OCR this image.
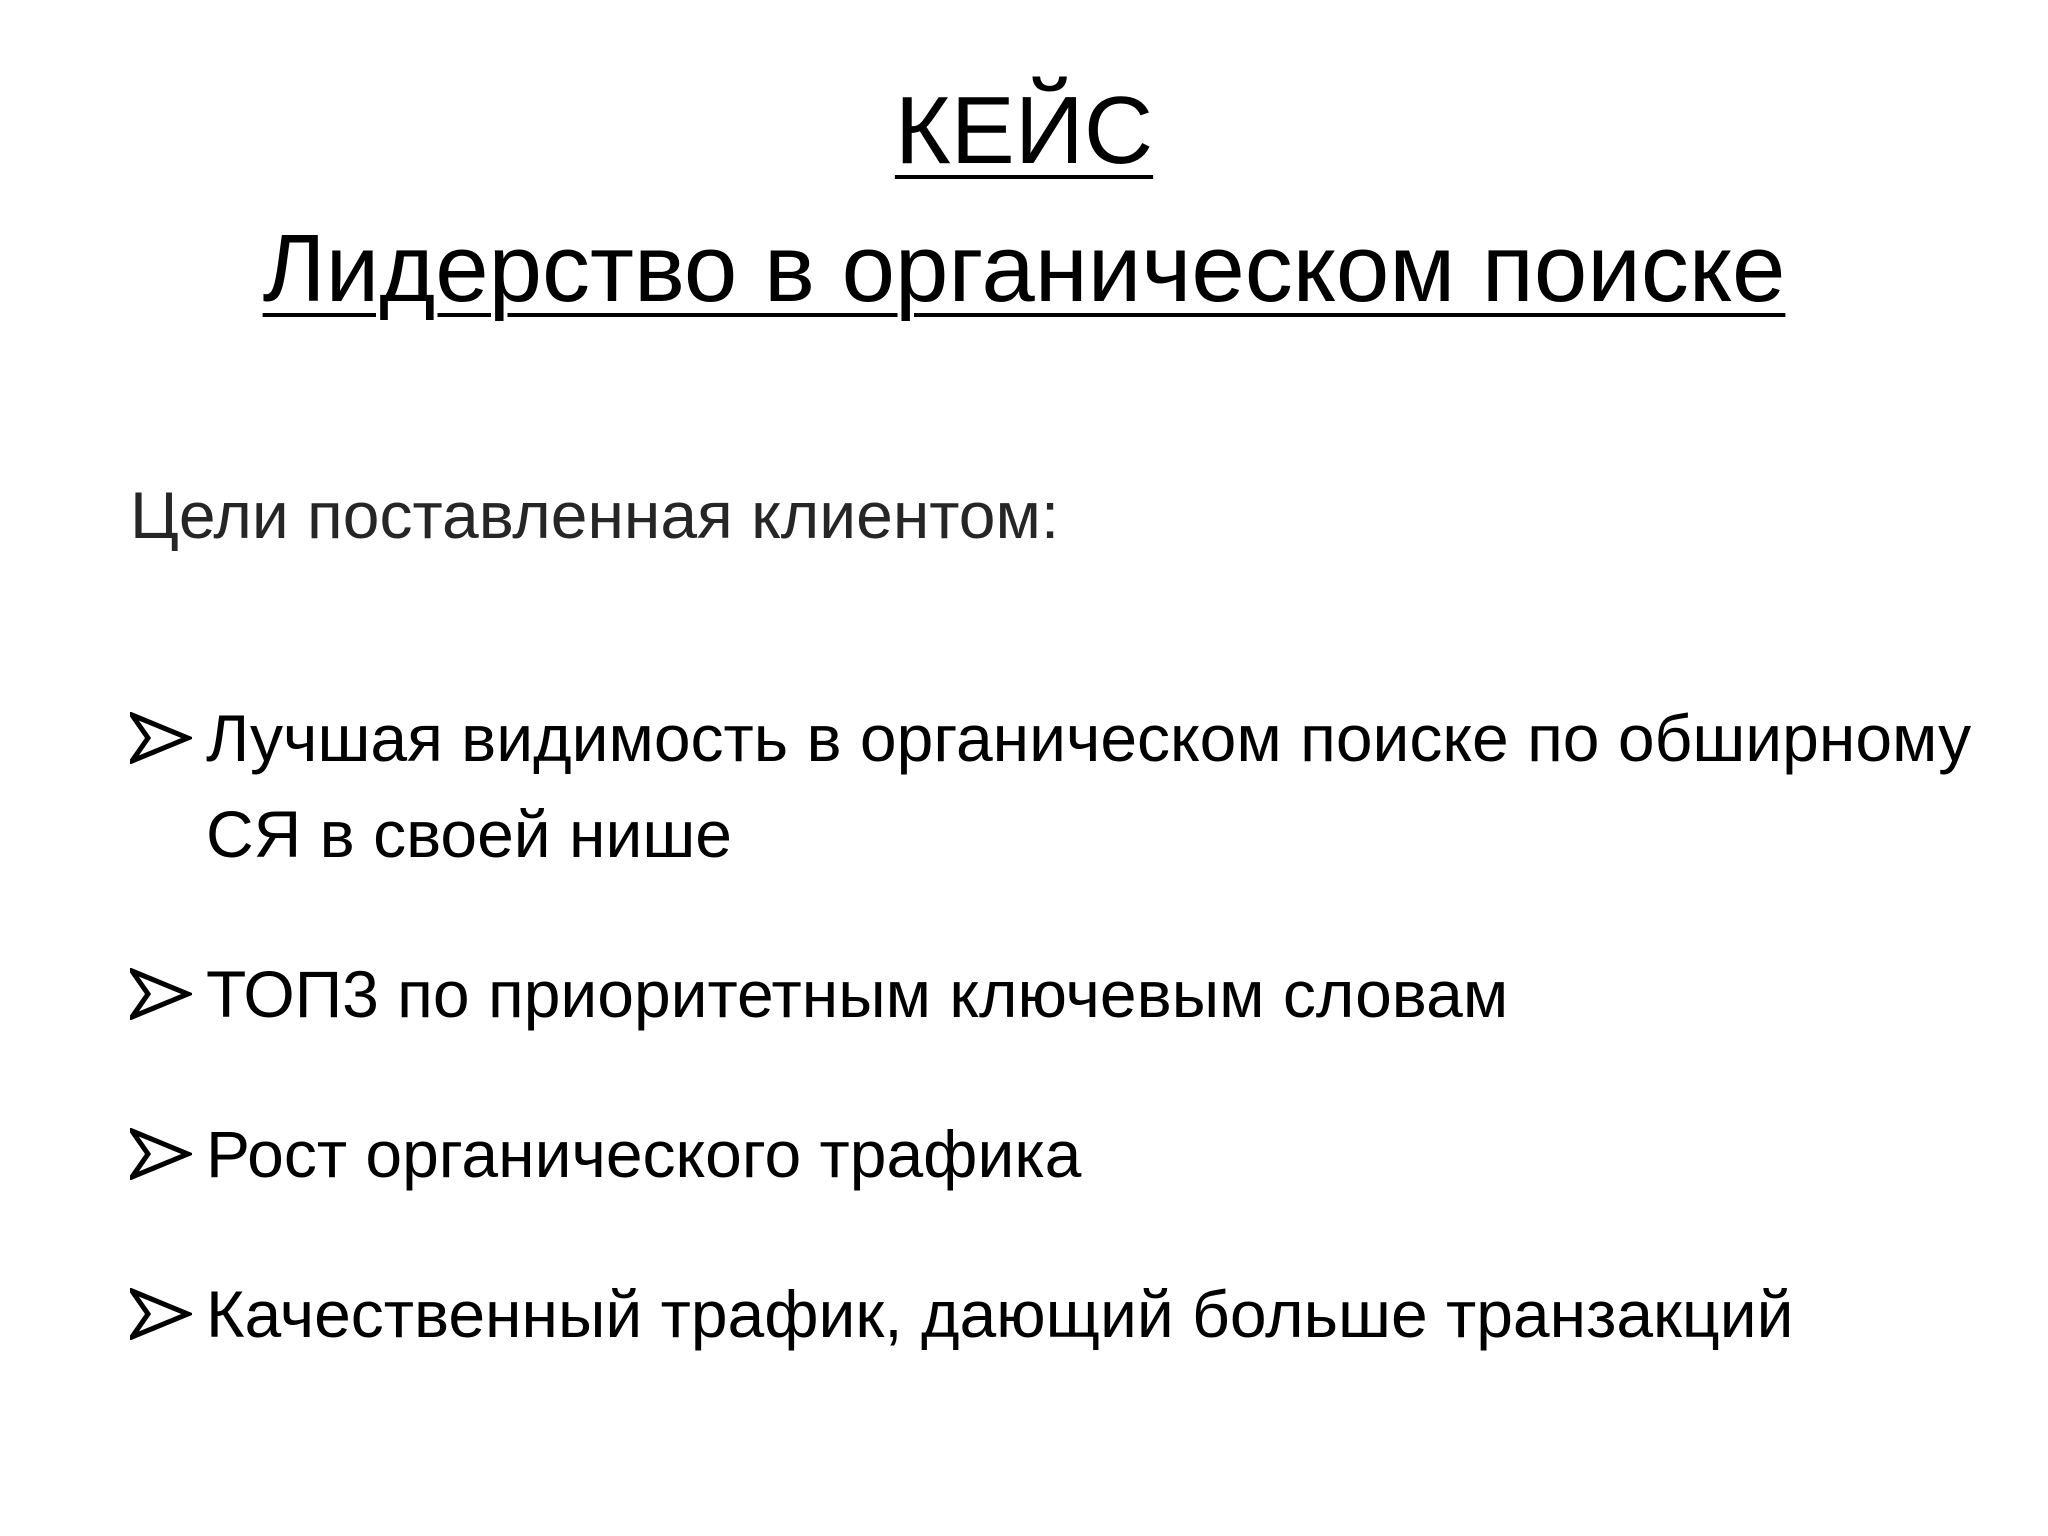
КЕЙС
Лидерство в органическом поиске
Цели поставленная клиентом:
Лучшая видимость в органическом поиске по обширному СЯ в своей нише
ТОП3 по приоритетным ключевым словам
Рост органического трафика
Качественный трафик, дающий больше транзакций
